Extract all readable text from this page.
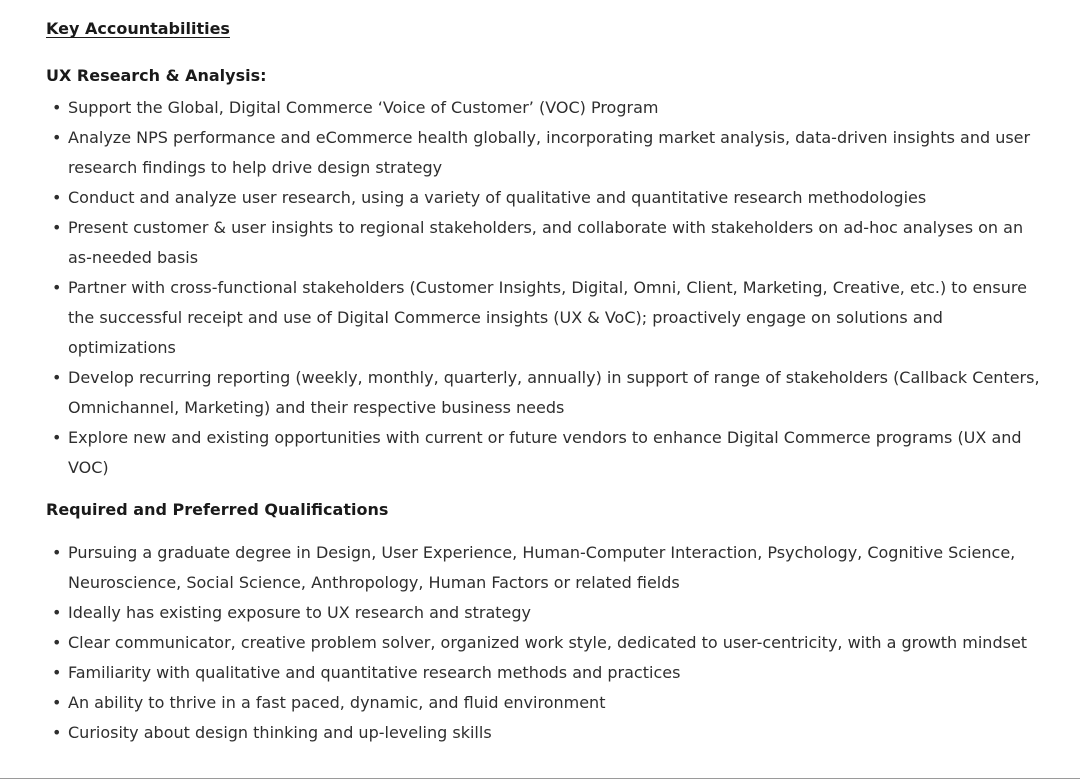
Key Accountabilities
UX Research & Analysis:
• Support the Global, Digital Commerce ‘Voice of Customer’ (VOC) Program
• Analyze NPS performance and eCommerce health globally, incorporating market analysis, data-driven insights and user research findings to help drive design strategy
• Conduct and analyze user research, using a variety of qualitative and quantitative research methodologies
• Present customer & user insights to regional stakeholders, and collaborate with stakeholders on ad-hoc analyses on an as-needed basis
• Partner with cross-functional stakeholders (Customer Insights, Digital, Omni, Client, Marketing, Creative, etc.) to ensure the successful receipt and use of Digital Commerce insights (UX & VoC); proactively engage on solutions and optimizations
• Develop recurring reporting (weekly, monthly, quarterly, annually) in support of range of stakeholders (Callback Centers, Omnichannel, Marketing) and their respective business needs
• Explore new and existing opportunities with current or future vendors to enhance Digital Commerce programs (UX and VOC)
Required and Preferred Qualifications
• Pursuing a graduate degree in Design, User Experience, Human-Computer Interaction, Psychology, Cognitive Science, Neuroscience, Social Science, Anthropology, Human Factors or related fields
• Ideally has existing exposure to UX research and strategy
• Clear communicator, creative problem solver, organized work style, dedicated to user-centricity, with a growth mindset
• Familiarity with qualitative and quantitative research methods and practices
• An ability to thrive in a fast paced, dynamic, and fluid environment
• Curiosity about design thinking and up-leveling skills
